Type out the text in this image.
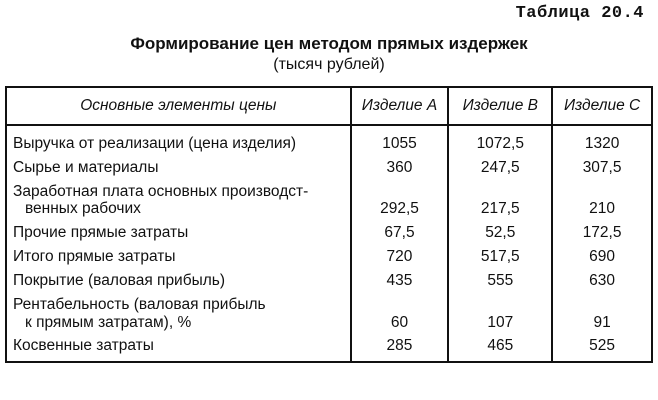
Таблица 20.4
Формирование цен методом прямых издержек
(тысяч рублей)
Основные элементы цены	Изделие A	Изделие B	Изделие C
Выручка от реализации (цена изделия)	1055	1072,5	1320
Сырье и материалы	360	247,5	307,5
Заработная плата основных производст-
венных рабочих	292,5	217,5	210
Прочие прямые затраты	67,5	52,5	172,5
Итого прямые затраты	720	517,5	690
Покрытие (валовая прибыль)	435	555	630
Рентабельность (валовая прибыль
к прямым затратам), %	60	107	91
Косвенные затраты	285	465	525
